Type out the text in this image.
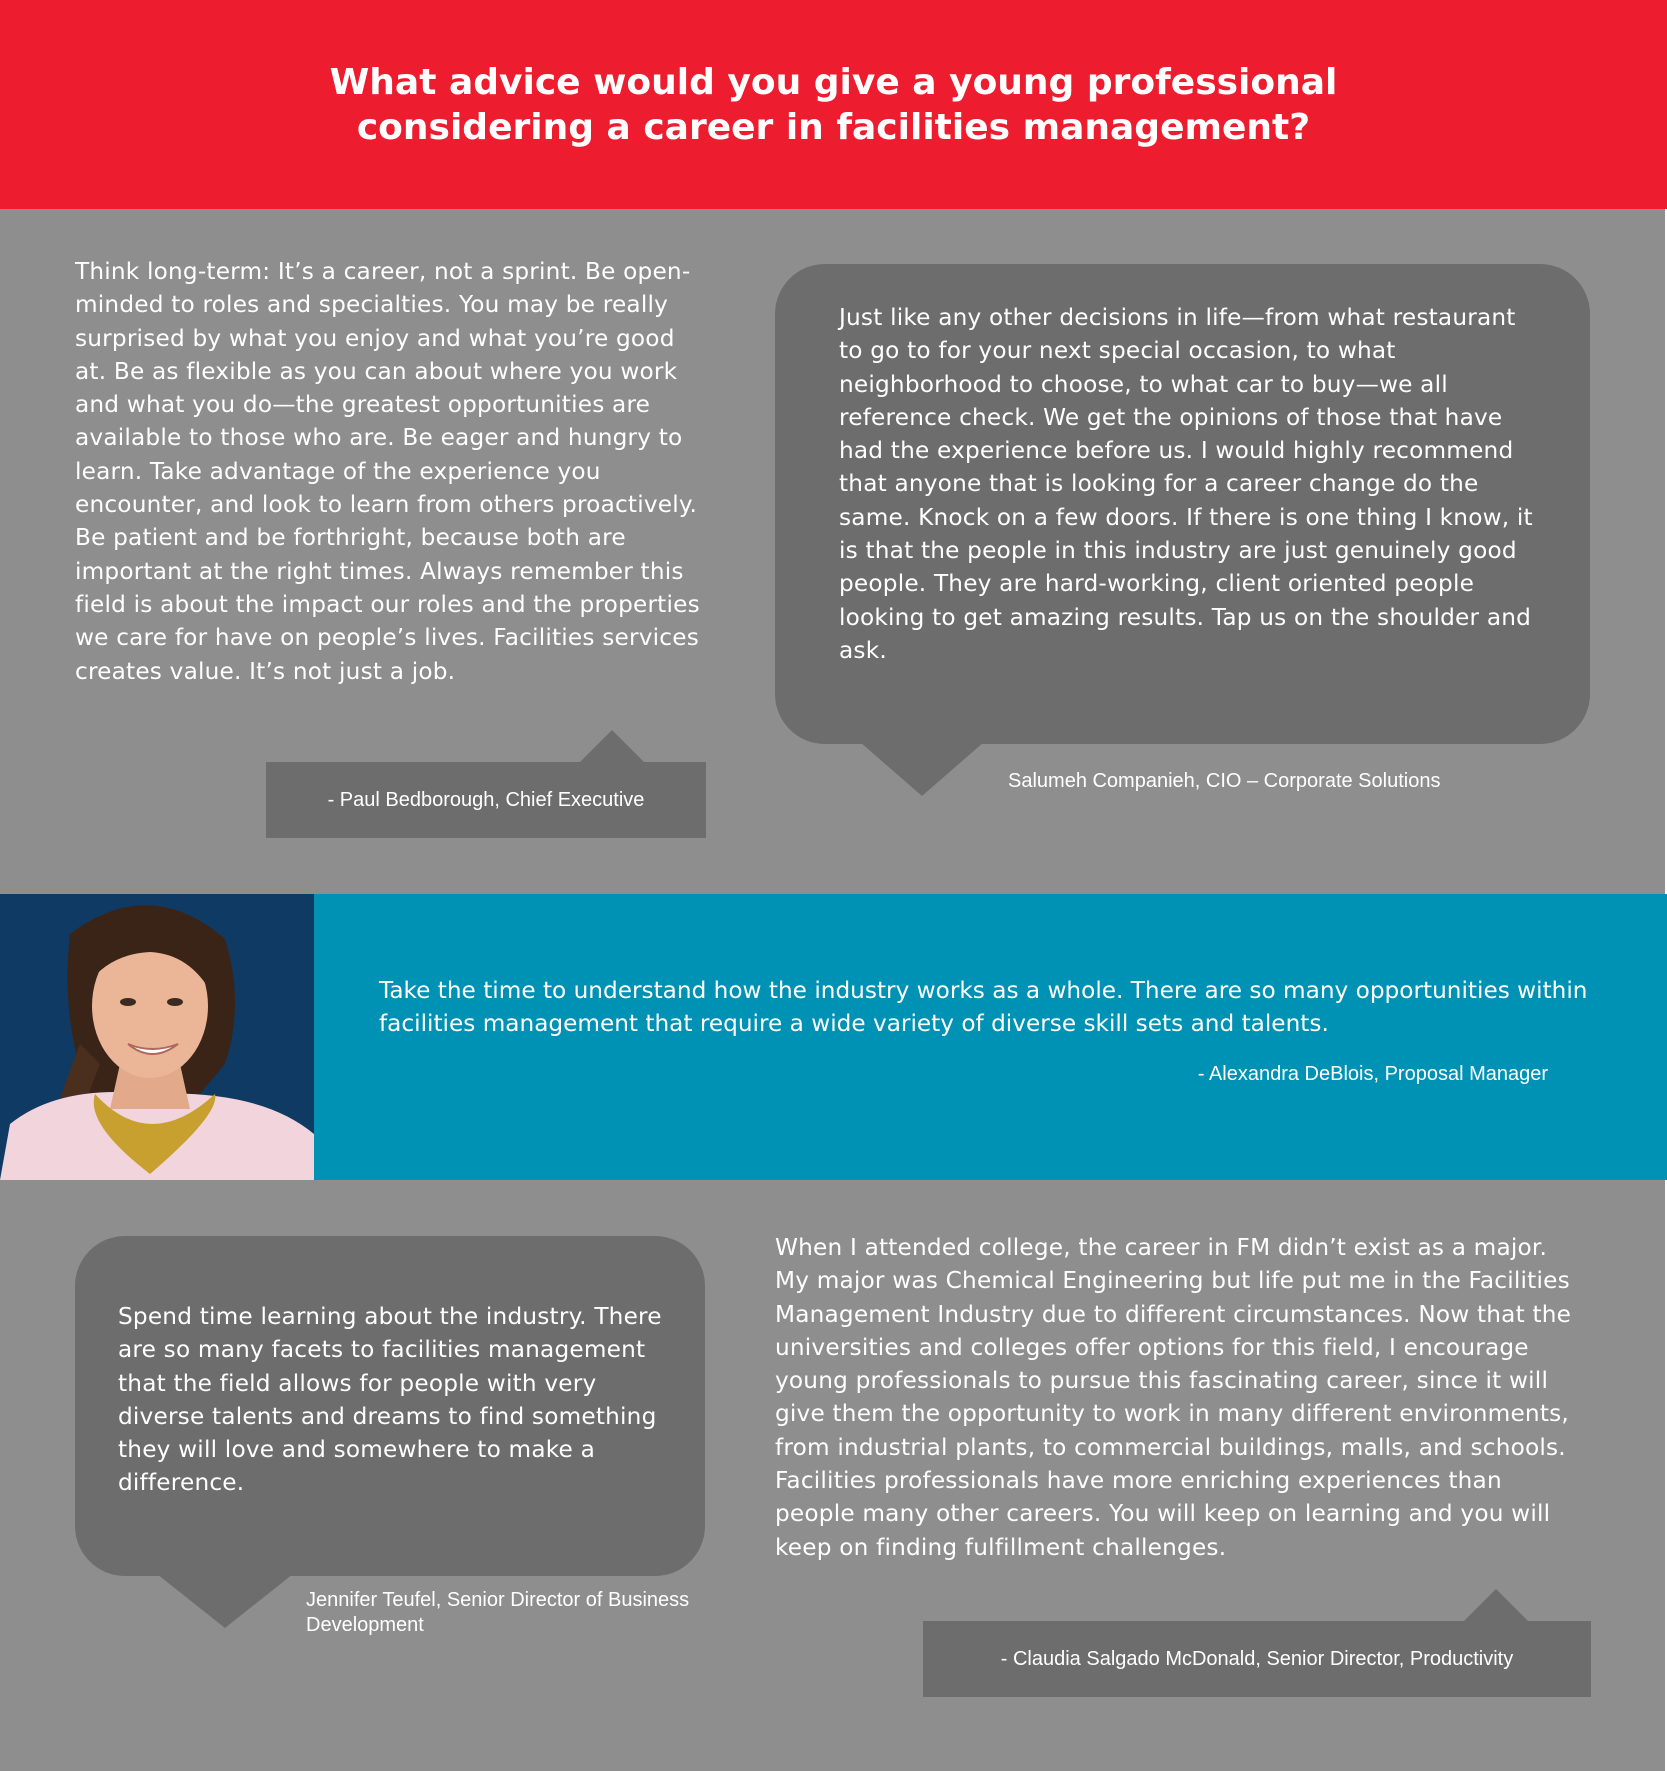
What advice would you give a young professional considering a career in facilities management?
Think long-term: It’s a career, not a sprint. Be open-minded to roles and specialties. You may be really surprised by what you enjoy and what you’re good at. Be as flexible as you can about where you work and what you do—the greatest opportunities are available to those who are. Be eager and hungry to learn. Take advantage of the experience you encounter, and look to learn from others proactively. Be patient and be forthright, because both are important at the right times. Always remember this field is about the impact our roles and the properties we care for have on people’s lives. Facilities services creates value. It’s not just a job.
- Paul Bedborough, Chief Executive
Just like any other decisions in life—from what restaurant to go to for your next special occasion, to what neighborhood to choose, to what car to buy—we all reference check. We get the opinions of those that have had the experience before us. I would highly recommend that anyone that is looking for a career change do the same. Knock on a few doors. If there is one thing I know, it is that the people in this industry are just genuinely good people. They are hard-working, client oriented people looking to get amazing results. Tap us on the shoulder and ask.
Salumeh Companieh, CIO – Corporate Solutions
Take the time to understand how the industry works as a whole. There are so many opportunities within facilities management that require a wide variety of diverse skill sets and talents.
- Alexandra DeBlois, Proposal Manager
Spend time learning about the industry. There are so many facets to facilities management that the field allows for people with very diverse talents and dreams to find something they will love and somewhere to make a difference.
Jennifer Teufel, Senior Director of Business Development
When I attended college, the career in FM didn’t exist as a major. My major was Chemical Engineering but life put me in the Facilities Management Industry due to different circumstances. Now that the universities and colleges offer options for this field, I encourage young professionals to pursue this fascinating career, since it will give them the opportunity to work in many different environments, from industrial plants, to commercial buildings, malls, and schools. Facilities professionals have more enriching experiences than people many other careers. You will keep on learning and you will keep on finding fulfillment challenges.
- Claudia Salgado McDonald, Senior Director, Productivity
